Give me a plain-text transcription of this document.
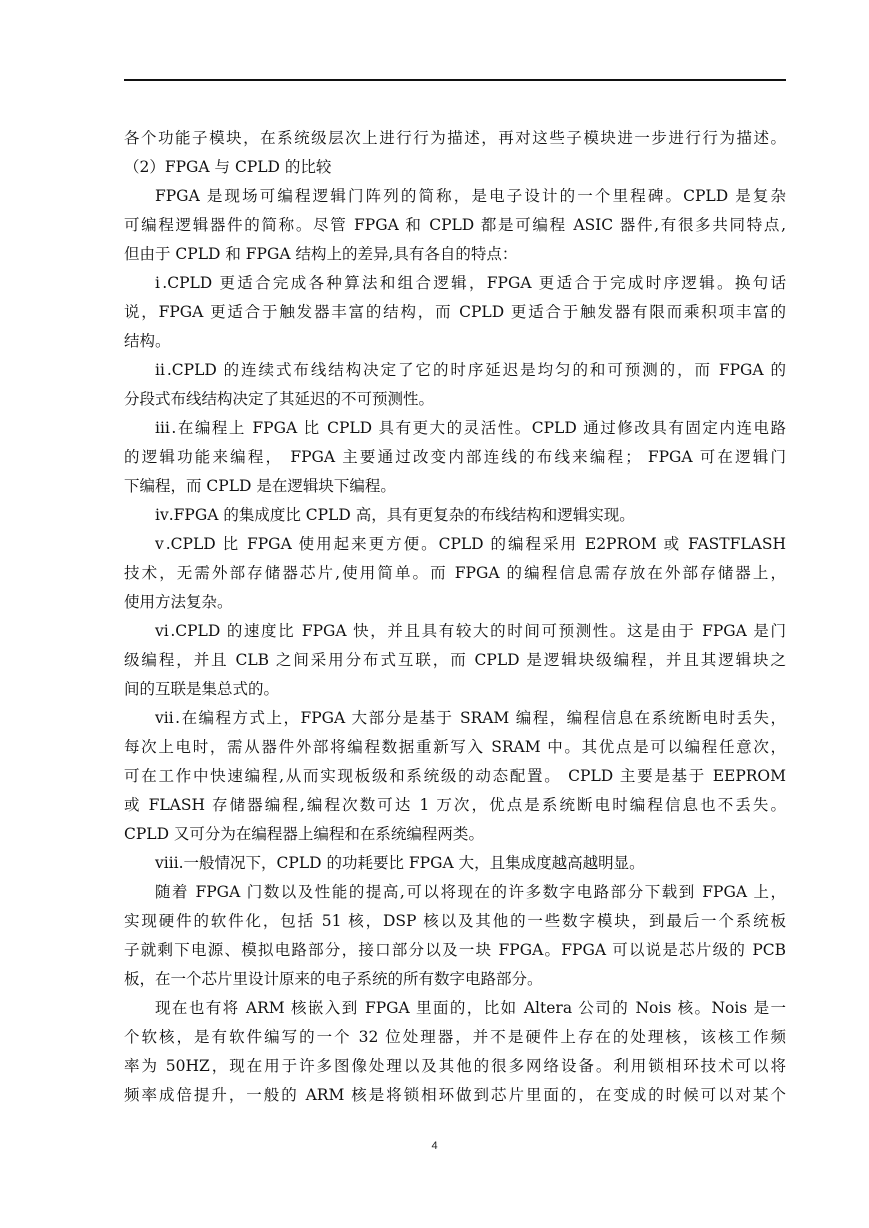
各个功能子模块，在系统级层次上进行行为描述，再对这些子模块进一步进行行为描述。
（2）FPGA 与 CPLD 的比较
FPGA 是现场可编程逻辑门阵列的简称，是电子设计的一个里程碑。CPLD 是复杂
可编程逻辑器件的简称。尽管 FPGA 和 CPLD 都是可编程 ASIC 器件,有很多共同特点,
但由于 CPLD 和 FPGA 结构上的差异,具有各自的特点：
ⅰ.CPLD 更适合完成各种算法和组合逻辑，FPGA 更适合于完成时序逻辑。换句话
说，FPGA 更适合于触发器丰富的结构，而 CPLD 更适合于触发器有限而乘积项丰富的
结构。
ⅱ.CPLD 的连续式布线结构决定了它的时序延迟是均匀的和可预测的，而 FPGA 的
分段式布线结构决定了其延迟的不可预测性。
ⅲ.在编程上 FPGA 比 CPLD 具有更大的灵活性。CPLD 通过修改具有固定内连电路
的逻辑功能来编程， FPGA 主要通过改变内部连线的布线来编程； FPGA 可在逻辑门
下编程，而 CPLD 是在逻辑块下编程。
ⅳ.FPGA 的集成度比 CPLD 高，具有更复杂的布线结构和逻辑实现。
ⅴ.CPLD 比 FPGA 使用起来更方便。CPLD 的编程采用 E2PROM 或 FASTFLASH
技术，无需外部存储器芯片,使用简单。而 FPGA 的编程信息需存放在外部存储器上，
使用方法复杂。
ⅵ.CPLD 的速度比 FPGA 快，并且具有较大的时间可预测性。这是由于 FPGA 是门
级编程，并且 CLB 之间采用分布式互联，而 CPLD 是逻辑块级编程，并且其逻辑块之
间的互联是集总式的。
ⅶ.在编程方式上，FPGA 大部分是基于 SRAM 编程，编程信息在系统断电时丢失，
每次上电时，需从器件外部将编程数据重新写入 SRAM 中。其优点是可以编程任意次，
可在工作中快速编程,从而实现板级和系统级的动态配置。 CPLD 主要是基于 EEPROM
或 FLASH 存储器编程,编程次数可达 1 万次，优点是系统断电时编程信息也不丢失。
CPLD 又可分为在编程器上编程和在系统编程两类。
ⅷ.一般情况下，CPLD 的功耗要比 FPGA 大，且集成度越高越明显。
随着 FPGA 门数以及性能的提高,可以将现在的许多数字电路部分下载到 FPGA 上，
实现硬件的软件化，包括 51 核，DSP 核以及其他的一些数字模块，到最后一个系统板
子就剩下电源、模拟电路部分，接口部分以及一块 FPGA。FPGA 可以说是芯片级的 PCB
板，在一个芯片里设计原来的电子系统的所有数字电路部分。
现在也有将 ARM 核嵌入到 FPGA 里面的，比如 Altera 公司的 Nois 核。Nois 是一
个软核，是有软件编写的一个 32 位处理器，并不是硬件上存在的处理核，该核工作频
率为 50HZ，现在用于许多图像处理以及其他的很多网络设备。利用锁相环技术可以将
频率成倍提升，一般的 ARM 核是将锁相环做到芯片里面的，在变成的时候可以对某个
4
